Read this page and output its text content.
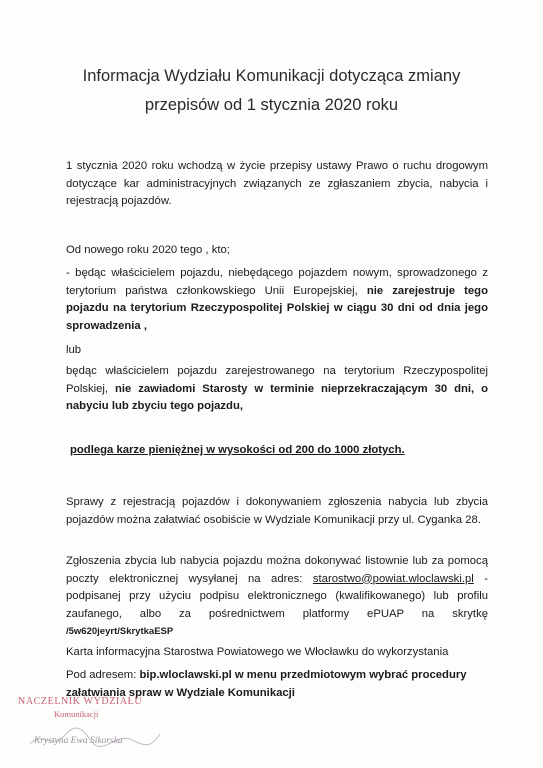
Informacja Wydziału Komunikacji dotycząca zmiany
przepisów od 1 stycznia 2020 roku
1 stycznia 2020 roku wchodzą w życie przepisy ustawy Prawo o ruchu drogowym dotyczące kar administracyjnych związanych ze zgłaszaniem zbycia, nabycia i rejestracją pojazdów.
Od nowego roku 2020 tego , kto;
- będąc właścicielem pojazdu, niebędącego pojazdem nowym, sprowadzonego z terytorium państwa członkowskiego Unii Europejskiej, nie zarejestruje tego pojazdu na terytorium Rzeczypospolitej Polskiej w ciągu 30 dni od dnia jego sprowadzenia ,
lub
będąc właścicielem pojazdu zarejestrowanego na terytorium Rzeczypospolitej Polskiej, nie zawiadomi Starosty w terminie nieprzekraczającym 30 dni, o nabyciu lub zbyciu tego pojazdu,
podlega karze pieniężnej w wysokości od 200 do 1000 złotych.
Sprawy z rejestracją pojazdów i dokonywaniem zgłoszenia nabycia lub zbycia pojazdów można załatwiać osobiście w Wydziale Komunikacji przy ul. Cyganka 28.
Zgłoszenia zbycia lub nabycia pojazdu można dokonywać listownie lub za pomocą poczty elektronicznej wysyłanej na adres: starostwo@powiat.wloclawski.pl - podpisanej przy użyciu podpisu elektronicznego (kwalifikowanego) lub profilu zaufanego, albo za pośrednictwem platformy ePUAP na skrytkę /5w620jeyrt/SkrytkaESP
Karta informacyjna Starostwa Powiatowego we Włocławku do wykorzystania
Pod adresem: bip.wloclawski.pl w menu przedmiotowym wybrać procedury załatwiania spraw w Wydziale Komunikacji
NACZELNIK WYDZIAŁU
Komunikacji
Krystyna Ewa Sikorska
